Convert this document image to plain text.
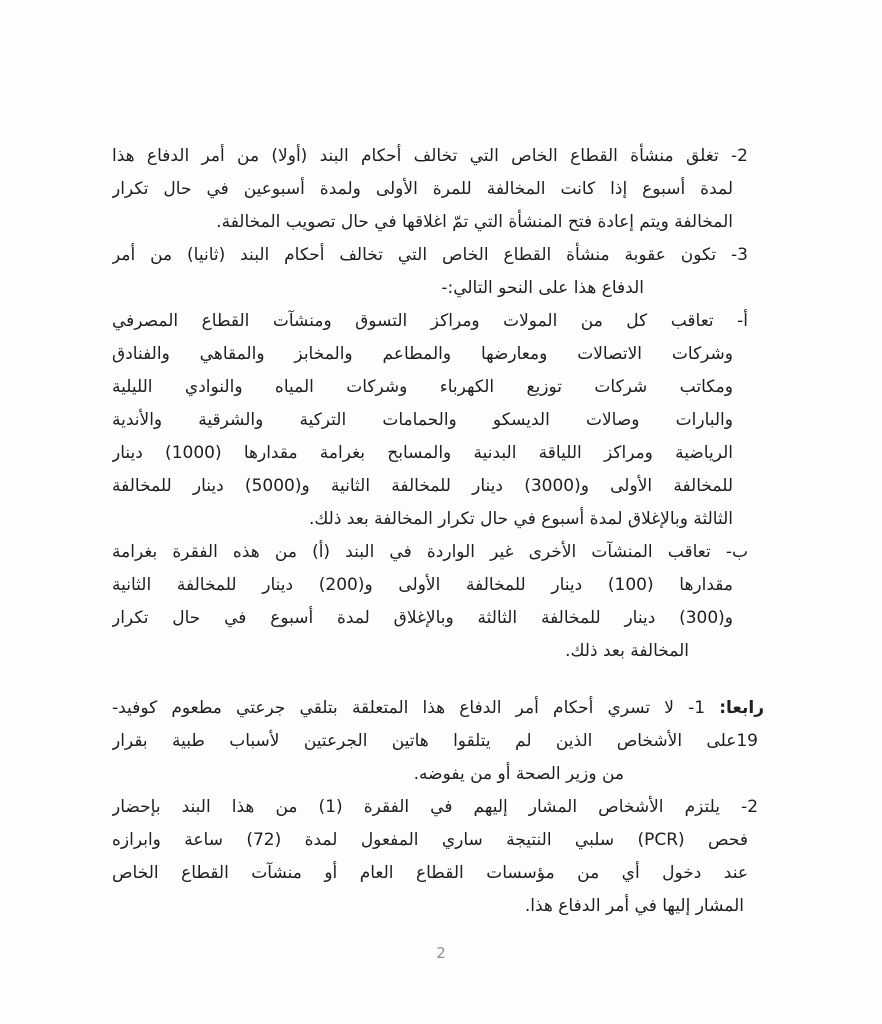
2- تغلق منشأة القطاع الخاص التي تخالف أحكام البند (أولا) من أمر الدفاع هذا
لمدة أسبوع إذا كانت المخالفة للمرة الأولى ولمدة أسبوعين في حال تكرار
المخالفة ويتم إعادة فتح المنشأة التي تمّ اغلاقها في حال تصويب المخالفة.
3- تكون عقوبة منشأة القطاع الخاص التي تخالف أحكام البند (ثانيا) من أمر
الدفاع هذا على النحو التالي:-
أ- تعاقب كل من المولات ومراكز التسوق ومنشآت القطاع المصرفي
وشركات الاتصالات ومعارضها والمطاعم والمخابز والمقاهي والفنادق
ومكاتب شركات توزيع الكهرباء وشركات المياه والنوادي الليلية
والبارات وصالات الديسكو والحمامات التركية والشرقية والأندية
الرياضية ومراكز اللياقة البدنية والمسابح بغرامة مقدارها (1000) دينار
للمخالفة الأولى و(3000) دينار للمخالفة الثانية و(5000) دينار للمخالفة
الثالثة وبالإغلاق لمدة أسبوع في حال تكرار المخالفة بعد ذلك.
ب- تعاقب المنشآت الأخرى غير الواردة في البند (أ) من هذه الفقرة بغرامة
مقدارها (100) دينار للمخالفة الأولى و(200) دينار للمخالفة الثانية
و(300) دينار للمخالفة الثالثة وبالإغلاق لمدة أسبوع في حال تكرار
المخالفة بعد ذلك.
رابعا: 1- لا تسري أحكام أمر الدفاع هذا المتعلقة بتلقي جرعتي مطعوم كوفيد-
19على الأشخاص الذين لم يتلقوا هاتين الجرعتين لأسباب طبية بقرار
من وزير الصحة أو من يفوضه.
2- يلتزم الأشخاص المشار إليهم في الفقرة (1) من هذا البند بإحضار
فحص (PCR) سلبي النتيجة ساري المفعول لمدة (72) ساعة وابرازه
عند دخول أي من مؤسسات القطاع العام أو منشآت القطاع الخاص
المشار إليها في أمر الدفاع هذا.
2
